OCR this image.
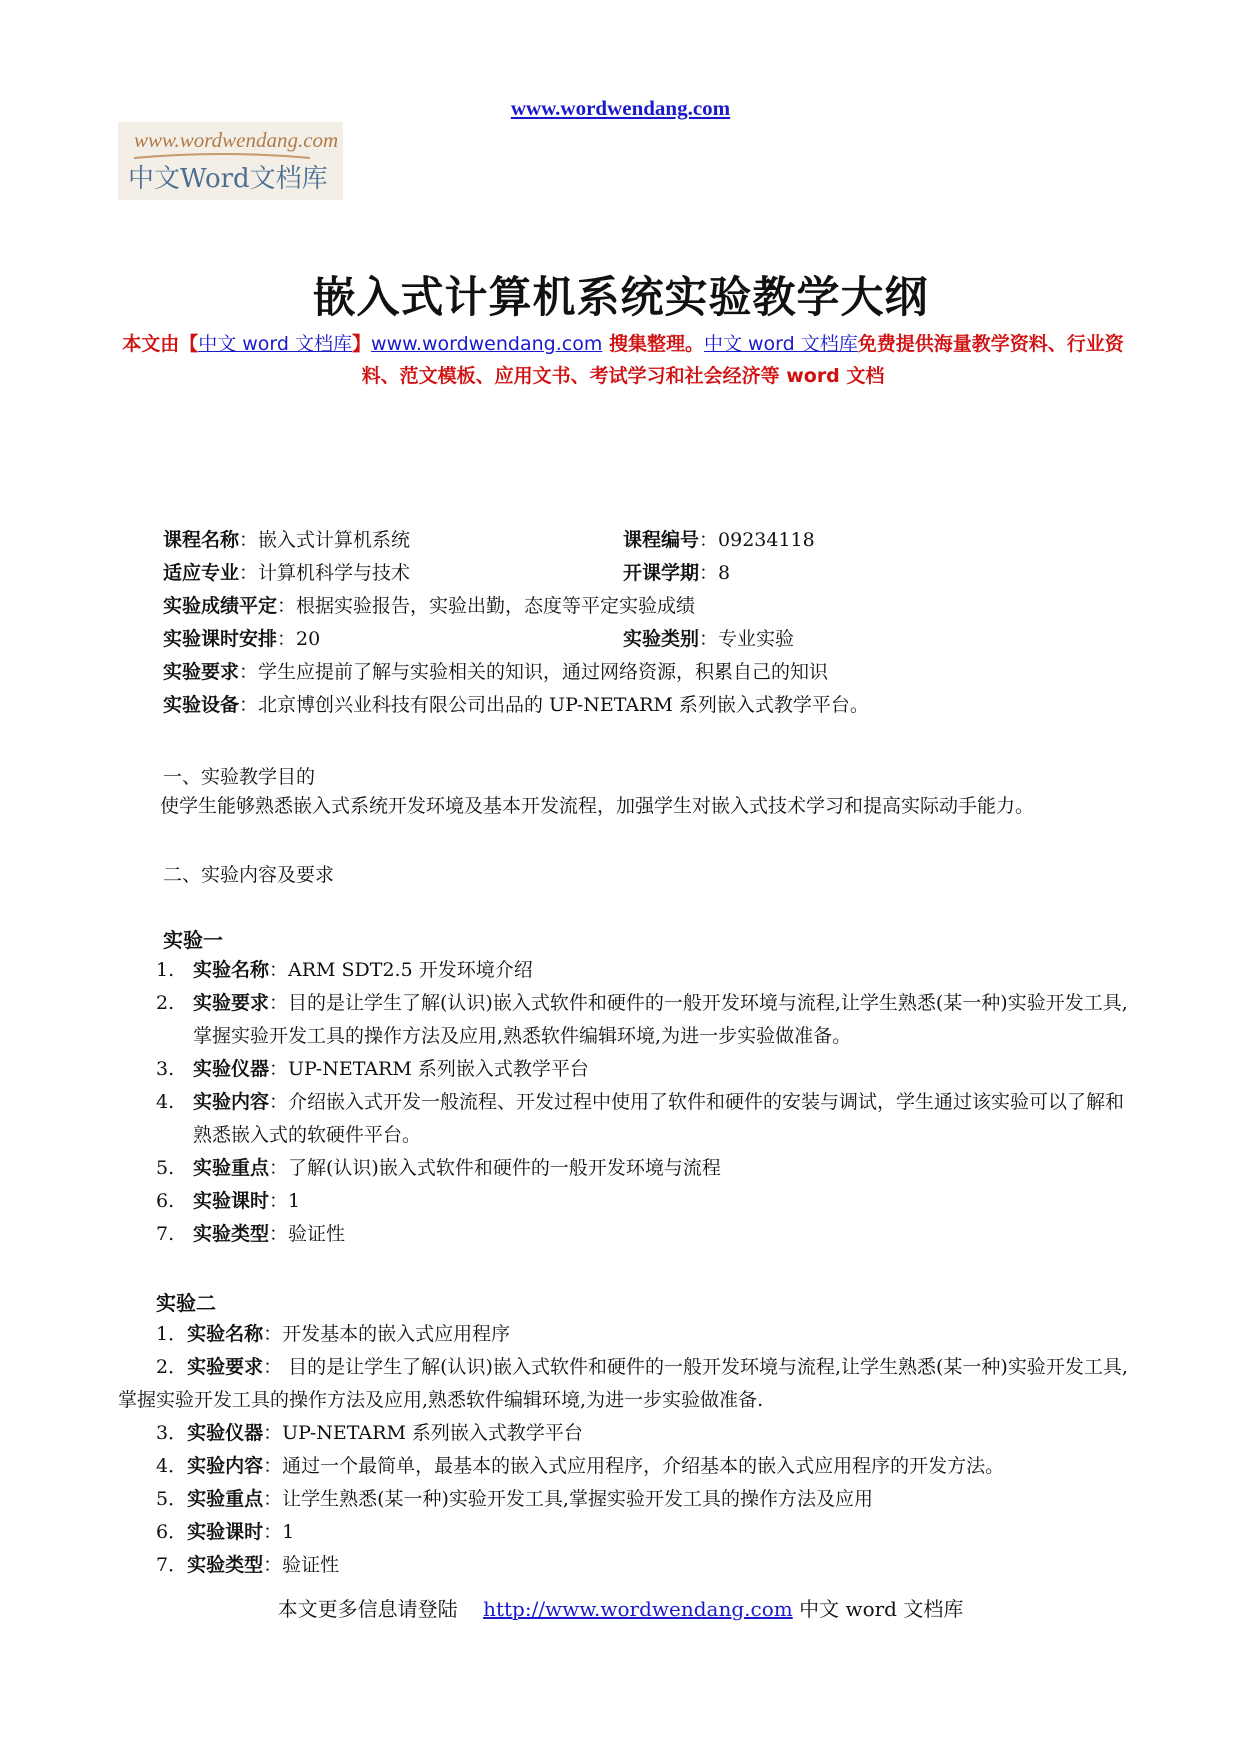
www.wordwendang.com
www.wordwendang.com
中文Word文档库
嵌入式计算机系统实验教学大纲
本文由【中文 word 文档库】www.wordwendang.com 搜集整理。中文 word 文档库免费提供海量教学资料、行业资料、范文模板、应用文书、考试学习和社会经济等 word 文档
课程名称：嵌入式计算机系统	课程编号：09234118
适应专业：计算机科学与技术	开课学期：8
实验成绩平定：根据实验报告，实验出勤，态度等平定实验成绩
实验课时安排：20	实验类别：专业实验
实验要求：学生应提前了解与实验相关的知识，通过网络资源，积累自己的知识
实验设备：北京博创兴业科技有限公司出品的 UP-NETARM 系列嵌入式教学平台。
一、实验教学目的
使学生能够熟悉嵌入式系统开发环境及基本开发流程，加强学生对嵌入式技术学习和提高实际动手能力。
二、实验内容及要求
实验一
1. 实验名称：ARM SDT2.5 开发环境介绍
2. 实验要求：目的是让学生了解(认识)嵌入式软件和硬件的一般开发环境与流程,让学生熟悉(某一种)实验开发工具,掌握实验开发工具的操作方法及应用,熟悉软件编辑环境,为进一步实验做准备。
3. 实验仪器：UP-NETARM 系列嵌入式教学平台
4. 实验内容：介绍嵌入式开发一般流程、开发过程中使用了软件和硬件的安装与调试，学生通过该实验可以了解和熟悉嵌入式的软硬件平台。
5. 实验重点：了解(认识)嵌入式软件和硬件的一般开发环境与流程
6. 实验课时：1
7. 实验类型：验证性
实验二
1．实验名称：开发基本的嵌入式应用程序
2．实验要求： 目的是让学生了解(认识)嵌入式软件和硬件的一般开发环境与流程,让学生熟悉(某一种)实验开发工具,掌握实验开发工具的操作方法及应用,熟悉软件编辑环境,为进一步实验做准备.
3．实验仪器：UP-NETARM 系列嵌入式教学平台
4．实验内容：通过一个最简单，最基本的嵌入式应用程序，介绍基本的嵌入式应用程序的开发方法。
5．实验重点：让学生熟悉(某一种)实验开发工具,掌握实验开发工具的操作方法及应用
6．实验课时：1
7．实验类型：验证性
本文更多信息请登陆 http://www.wordwendang.com 中文 word 文档库
